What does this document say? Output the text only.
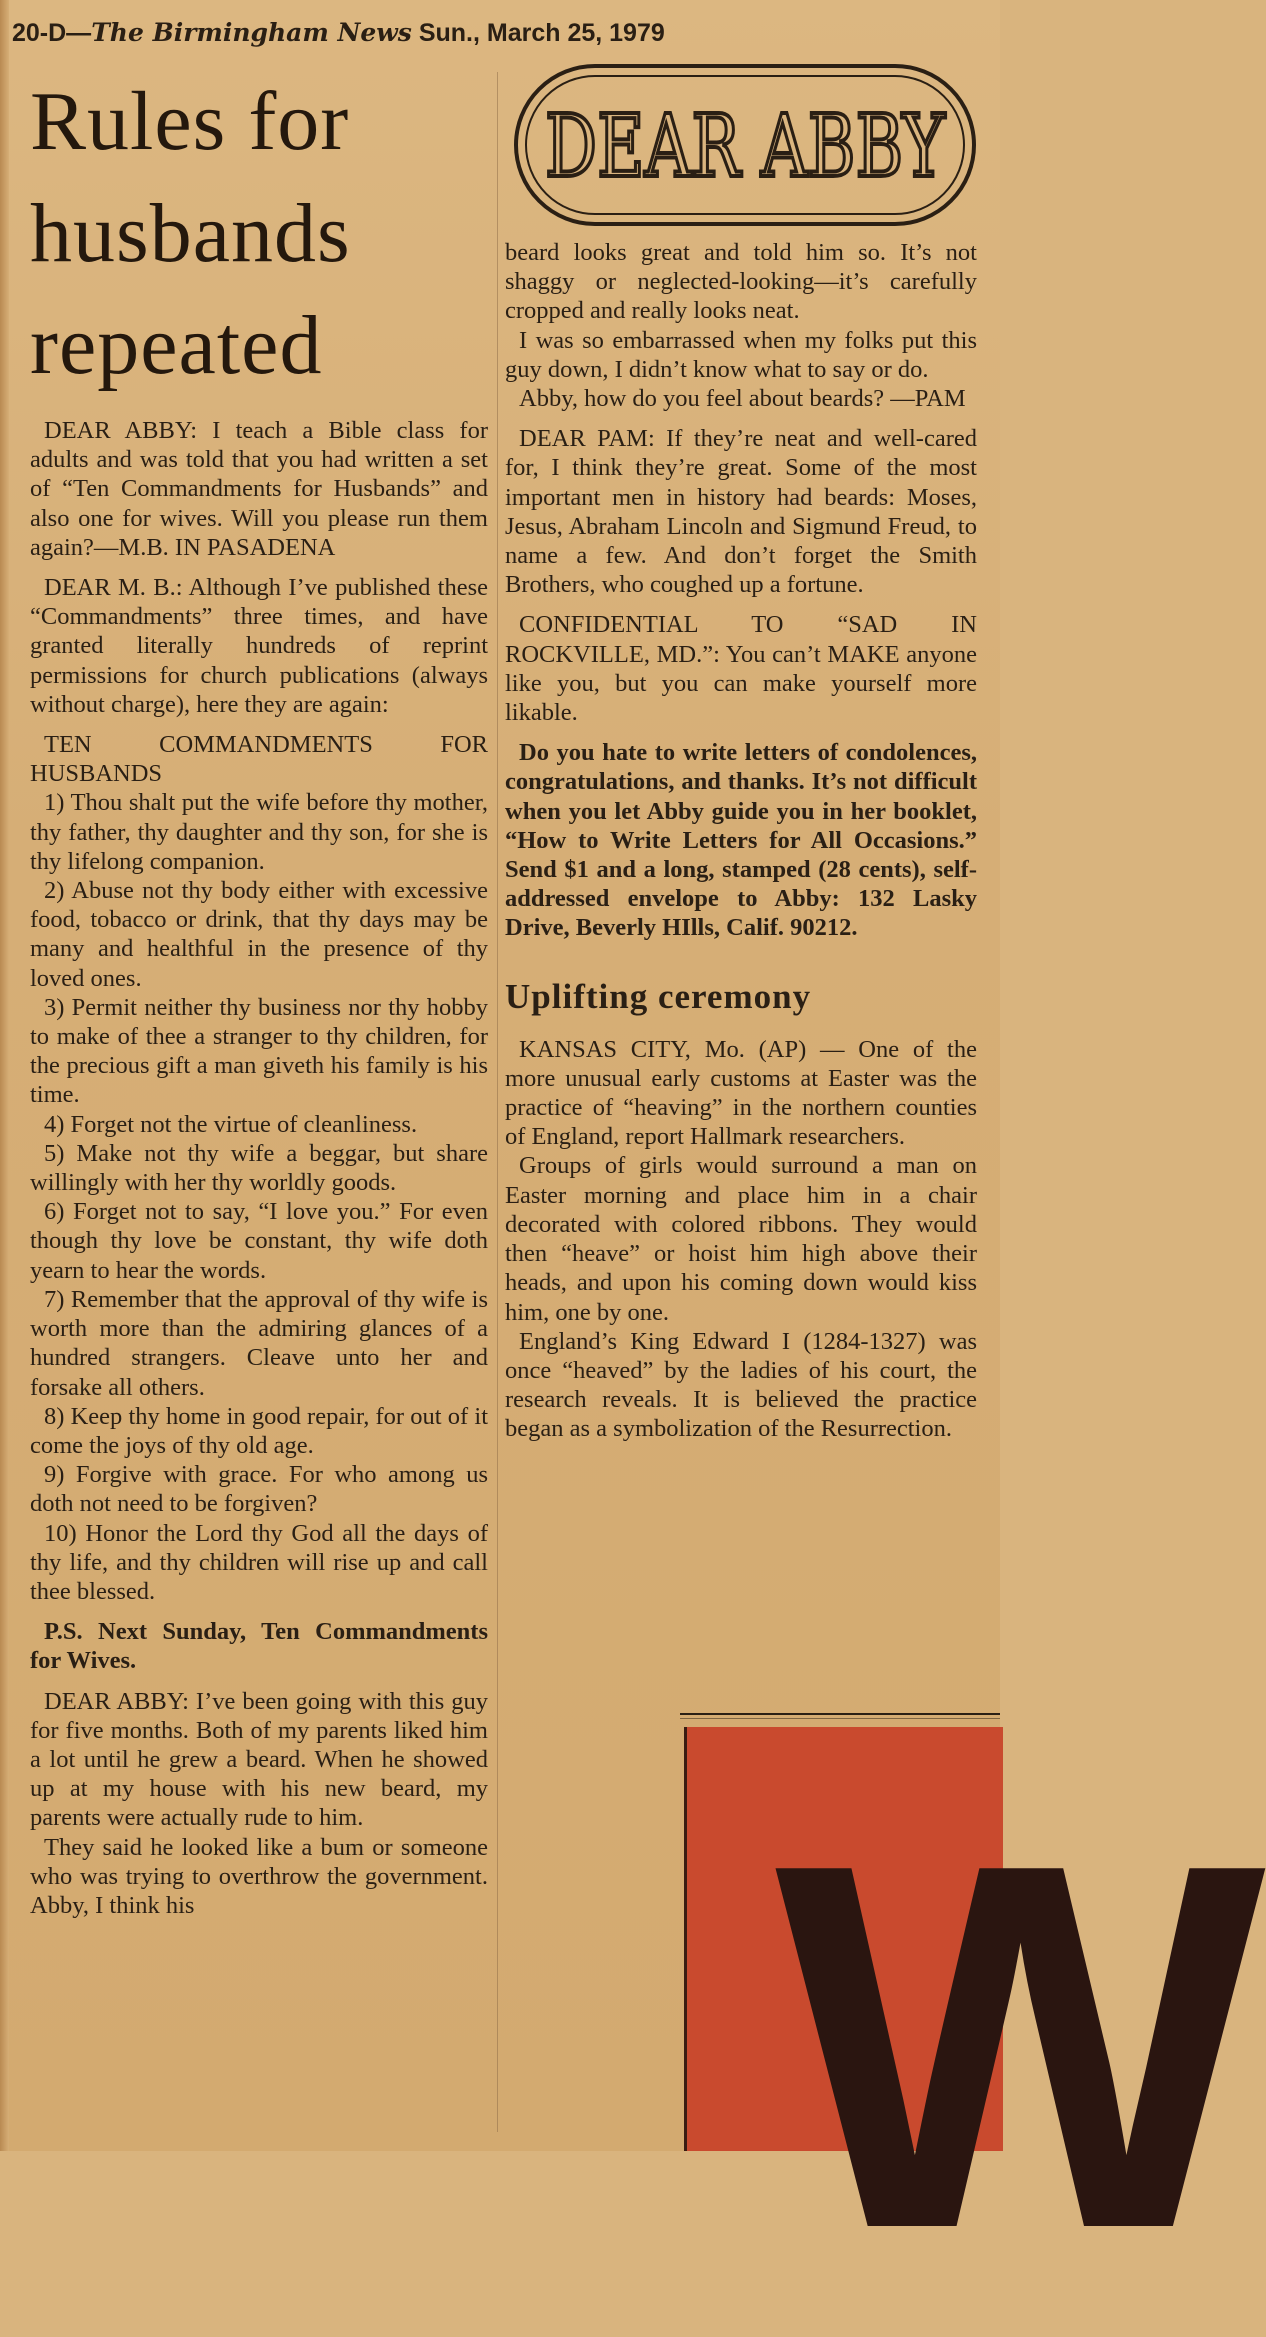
20-D—The Birmingham News Sun., March 25, 1979
DEAR ABBY
Rules for
husbands
repeated

DEAR ABBY: I teach a Bible class for adults and was told that you had written a set of “Ten Commandments for Husbands” and also one for wives. Will you please run them again?—M.B. IN PASADENA

DEAR M. B.: Although I’ve published these “Commandments” three times, and have granted literally hundreds of reprint permissions for church publications (always without charge), here they are again:

TEN COMMANDMENTS FOR HUSBANDS

1) Thou shalt put the wife before thy mother, thy father, thy daughter and thy son, for she is thy lifelong companion.

2) Abuse not thy body either with excessive food, tobacco or drink, that thy days may be many and healthful in the presence of thy loved ones.

3) Permit neither thy business nor thy hobby to make of thee a stranger to thy children, for the precious gift a man giveth his family is his time.

4) Forget not the virtue of cleanliness.

5) Make not thy wife a beggar, but share willingly with her thy worldly goods.

6) Forget not to say, “I love you.” For even though thy love be constant, thy wife doth yearn to hear the words.

7) Remember that the approval of thy wife is worth more than the admiring glances of a hundred strangers. Cleave unto her and forsake all others.

8) Keep thy home in good repair, for out of it come the joys of thy old age.

9) Forgive with grace. For who among us doth not need to be forgiven?

10) Honor the Lord thy God all the days of thy life, and thy children will rise up and call thee blessed.

P.S. Next Sunday, Ten Commandments for Wives.

DEAR ABBY: I’ve been going with this guy for five months. Both of my parents liked him a lot until he grew a beard. When he showed up at my house with his new beard, my parents were actually rude to him.

They said he looked like a bum or someone who was trying to overthrow the government. Abby, I think his

beard looks great and told him so. It’s not shaggy or neglected-looking—it’s carefully cropped and really looks neat.

I was so embarrassed when my folks put this guy down, I didn’t know what to say or do.

Abby, how do you feel about beards? —PAM

DEAR PAM: If they’re neat and well-cared for, I think they’re great. Some of the most important men in history had beards: Moses, Jesus, Abraham Lincoln and Sigmund Freud, to name a few. And don’t forget the Smith Brothers, who coughed up a fortune.

CONFIDENTIAL TO “SAD IN ROCKVILLE, MD.”: You can’t MAKE anyone like you, but you can make yourself more likable.

Do you hate to write letters of condolences, congratulations, and thanks. It’s not difficult when you let Abby guide you in her booklet, “How to Write Letters for All Occasions.” Send $1 and a long, stamped (28 cents), self-addressed envelope to Abby: 132 Lasky Drive, Beverly HIlls, Calif. 90212.

Uplifting ceremony

KANSAS CITY, Mo. (AP) — One of the more unusual early customs at Easter was the practice of “heaving” in the northern counties of England, report Hallmark researchers.

Groups of girls would surround a man on Easter morning and place him in a chair decorated with colored ribbons. They would then “heave” or hoist him high above their heads, and upon his coming down would kiss him, one by one.

England’s King Edward I (1284-1327) was once “heaved” by the ladies of his court, the research reveals. It is believed the practice began as a symbolization of the Resurrection.

W
